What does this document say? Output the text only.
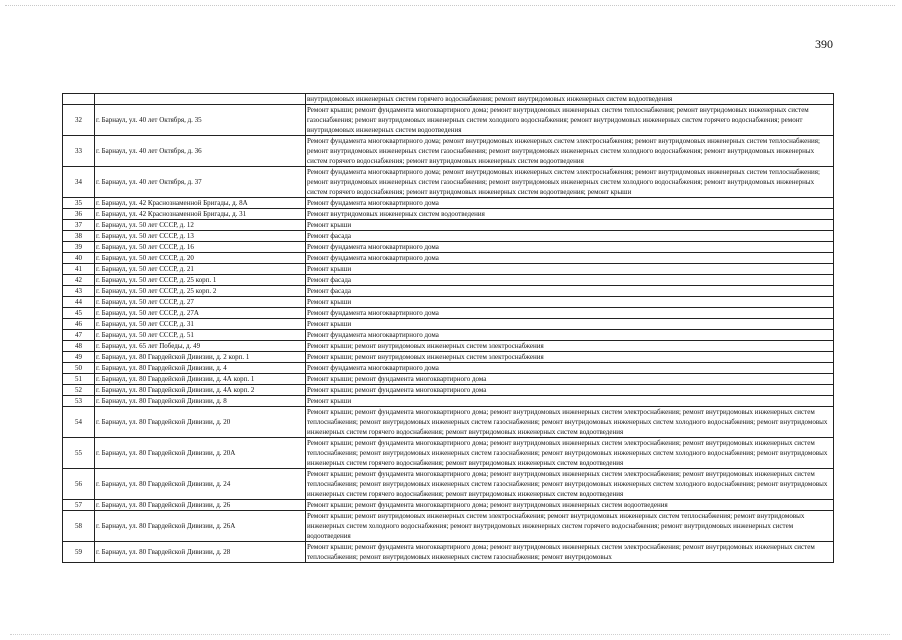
390
		внутридомовых инженерных систем горячего водоснабжения; ремонт внутридомовых инженерных систем водоотведения
32	г. Барнаул, ул. 40 лет Октября, д. 35	Ремонт крыши; ремонт фундамента многоквартирного дома; ремонт внутридомовых инженерных систем теплоснабжения; ремонт внутридомовых инженерных систем газоснабжения; ремонт внутридомовых инженерных систем холодного водоснабжения; ремонт внутридомовых инженерных систем горячего водоснабжения; ремонт внутридомовых инженерных систем водоотведения
33	г. Барнаул, ул. 40 лет Октября, д. 36	Ремонт фундамента многоквартирного дома; ремонт внутридомовых инженерных систем электроснабжения; ремонт внутридомовых инженерных систем теплоснабжения; ремонт внутридомовых инженерных систем газоснабжения; ремонт внутридомовых инженерных систем холодного водоснабжения; ремонт внутридомовых инженерных систем горячего водоснабжения; ремонт внутридомовых инженерных систем водоотведения
34	г. Барнаул, ул. 40 лет Октября, д. 37	Ремонт фундамента многоквартирного дома; ремонт внутридомовых инженерных систем электроснабжения; ремонт внутридомовых инженерных систем теплоснабжения; ремонт внутридомовых инженерных систем газоснабжения; ремонт внутридомовых инженерных систем холодного водоснабжения; ремонт внутридомовых инженерных систем горячего водоснабжения; ремонт внутридомовых инженерных систем водоотведения; ремонт крыши
35	г. Барнаул, ул. 42 Краснознаменной Бригады, д. 8А	Ремонт фундамента многоквартирного дома
36	г. Барнаул, ул. 42 Краснознаменной Бригады, д. 31	Ремонт внутридомовых инженерных систем водоотведения
37	г. Барнаул, ул. 50 лет СССР, д. 12	Ремонт крыши
38	г. Барнаул, ул. 50 лет СССР, д. 13	Ремонт фасада
39	г. Барнаул, ул. 50 лет СССР, д. 16	Ремонт фундамента многоквартирного дома
40	г. Барнаул, ул. 50 лет СССР, д. 20	Ремонт фундамента многоквартирного дома
41	г. Барнаул, ул. 50 лет СССР, д. 21	Ремонт крыши
42	г. Барнаул, ул. 50 лет СССР, д. 25 корп. 1	Ремонт фасада
43	г. Барнаул, ул. 50 лет СССР, д. 25 корп. 2	Ремонт фасада
44	г. Барнаул, ул. 50 лет СССР, д. 27	Ремонт крыши
45	г. Барнаул, ул. 50 лет СССР, д. 27А	Ремонт фундамента многоквартирного дома
46	г. Барнаул, ул. 50 лет СССР, д. 31	Ремонт крыши
47	г. Барнаул, ул. 50 лет СССР, д. 51	Ремонт фундамента многоквартирного дома
48	г. Барнаул, ул. 65 лет Победы, д. 49	Ремонт крыши; ремонт внутридомовых инженерных систем электроснабжения
49	г. Барнаул, ул. 80 Гвардейской Дивизии, д. 2 корп. 1	Ремонт крыши; ремонт внутридомовых инженерных систем электроснабжения
50	г. Барнаул, ул. 80 Гвардейской Дивизии, д. 4	Ремонт фундамента многоквартирного дома
51	г. Барнаул, ул. 80 Гвардейской Дивизии, д. 4А корп. 1	Ремонт крыши; ремонт фундамента многоквартирного дома
52	г. Барнаул, ул. 80 Гвардейской Дивизии, д. 4А корп. 2	Ремонт крыши; ремонт фундамента многоквартирного дома
53	г. Барнаул, ул. 80 Гвардейской Дивизии, д. 8	Ремонт крыши
54	г. Барнаул, ул. 80 Гвардейской Дивизии, д. 20	Ремонт крыши; ремонт фундамента многоквартирного дома; ремонт внутридомовых инженерных систем электроснабжения; ремонт внутридомовых инженерных систем теплоснабжения; ремонт внутридомовых инженерных систем газоснабжения; ремонт внутридомовых инженерных систем холодного водоснабжения; ремонт внутридомовых инженерных систем горячего водоснабжения; ремонт внутридомовых инженерных систем водоотведения
55	г. Барнаул, ул. 80 Гвардейской Дивизии, д. 20А	Ремонт крыши; ремонт фундамента многоквартирного дома; ремонт внутридомовых инженерных систем электроснабжения; ремонт внутридомовых инженерных систем теплоснабжения; ремонт внутридомовых инженерных систем газоснабжения; ремонт внутридомовых инженерных систем холодного водоснабжения; ремонт внутридомовых инженерных систем горячего водоснабжения; ремонт внутридомовых инженерных систем водоотведения
56	г. Барнаул, ул. 80 Гвардейской Дивизии, д. 24	Ремонт крыши; ремонт фундамента многоквартирного дома; ремонт внутридомовых инженерных систем электроснабжения; ремонт внутридомовых инженерных систем теплоснабжения; ремонт внутридомовых инженерных систем газоснабжения; ремонт внутридомовых инженерных систем холодного водоснабжения; ремонт внутридомовых инженерных систем горячего водоснабжения; ремонт внутридомовых инженерных систем водоотведения
57	г. Барнаул, ул. 80 Гвардейской Дивизии, д. 26	Ремонт крыши; ремонт фундамента многоквартирного дома; ремонт внутридомовых инженерных систем водоотведения
58	г. Барнаул, ул. 80 Гвардейской Дивизии, д. 26А	Ремонт крыши; ремонт внутридомовых инженерных систем электроснабжения; ремонт внутридомовых инженерных систем теплоснабжения; ремонт внутридомовых инженерных систем холодного водоснабжения; ремонт внутридомовых инженерных систем горячего водоснабжения; ремонт внутридомовых инженерных систем водоотведения
59	г. Барнаул, ул. 80 Гвардейской Дивизии, д. 28	Ремонт крыши; ремонт фундамента многоквартирного дома; ремонт внутридомовых инженерных систем электроснабжения; ремонт внутридомовых инженерных систем теплоснабжения; ремонт внутридомовых инженерных систем газоснабжения; ремонт внутридомовых
